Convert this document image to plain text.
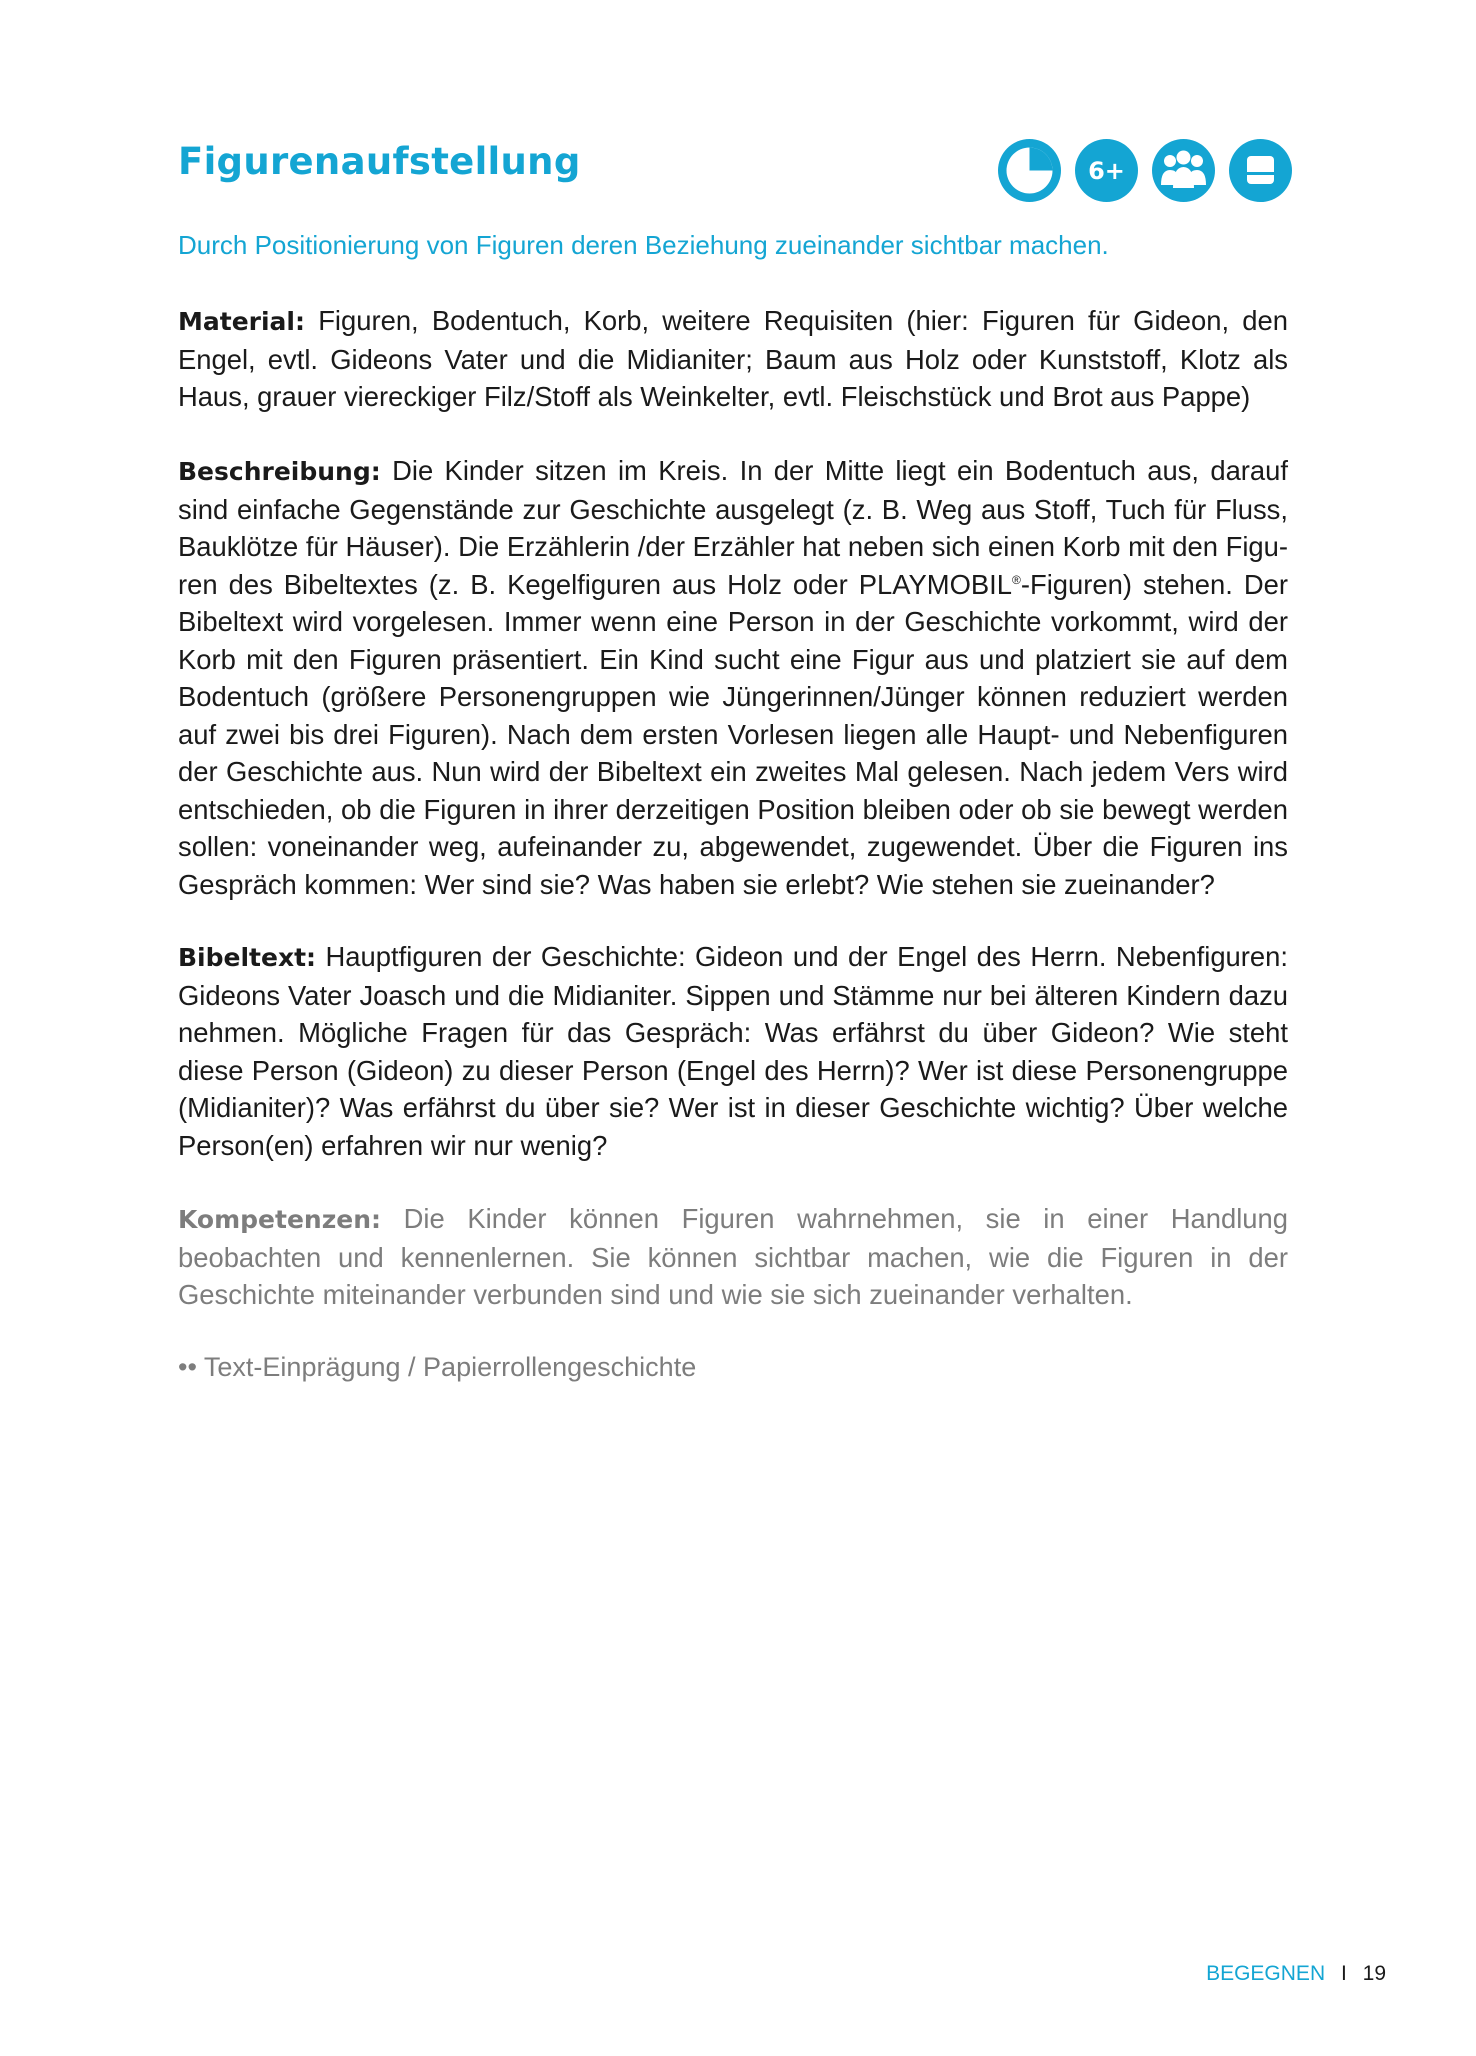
Figurenaufstellung	6+

Durch Positionierung von Figuren deren Beziehung zueinander sichtbar machen.

Material: Figuren, Bodentuch, Korb, weitere Requisiten (hier: Figuren für Gideon, den Engel, evtl. Gideons Vater und die Midianiter; Baum aus Holz oder Kunststoff, Klotz als Haus, grauer viereckiger Filz/Stoff als Weinkelter, evtl. Fleischstück und Brot aus Pappe)

Beschreibung: Die Kinder sitzen im Kreis. In der Mitte liegt ein Bodentuch aus, darauf sind einfache Gegenstände zur Geschichte ausgelegt (z. B. Weg aus Stoff, Tuch für Fluss, Bauklötze für Häuser). Die Erzählerin /der Erzähler hat neben sich einen Korb mit den Figuren des Bibeltextes (z. B. Kegelfiguren aus Holz oder PLAYMOBIL®-Figuren) stehen. Der Bibeltext wird vorgelesen. Immer wenn eine Person in der Geschichte vorkommt, wird der Korb mit den Figuren präsentiert. Ein Kind sucht eine Figur aus und platziert sie auf dem Bodentuch (größere Personengruppen wie Jüngerinnen/Jünger können reduziert werden auf zwei bis drei Figuren). Nach dem ersten Vorlesen liegen alle Haupt- und Nebenfiguren der Geschichte aus. Nun wird der Bibeltext ein zweites Mal gelesen. Nach jedem Vers wird entschieden, ob die Figuren in ihrer derzeitigen Position bleiben oder ob sie bewegt werden sollen: voneinander weg, aufeinander zu, abgewendet, zugewendet. Über die Figuren ins Gespräch kommen: Wer sind sie? Was haben sie erlebt? Wie stehen sie zueinander?

Bibeltext: Hauptfiguren der Geschichte: Gideon und der Engel des Herrn. Nebenfiguren: Gideons Vater Joasch und die Midianiter. Sippen und Stämme nur bei älteren Kindern dazu nehmen. Mögliche Fragen für das Gespräch: Was erfährst du über Gideon? Wie steht diese Person (Gideon) zu dieser Person (Engel des Herrn)? Wer ist diese Personengruppe (Midianiter)? Was erfährst du über sie? Wer ist in dieser Geschichte wichtig? Über welche Person(en) erfahren wir nur wenig?

Kompetenzen: Die Kinder können Figuren wahrnehmen, sie in einer Handlung beobachten und kennenlernen. Sie können sichtbar machen, wie die Figuren in der Geschichte miteinander verbunden sind und wie sie sich zueinander verhalten.

•• Text-Einprägung / Papierrollengeschichte

BEGEGNEN I 19
